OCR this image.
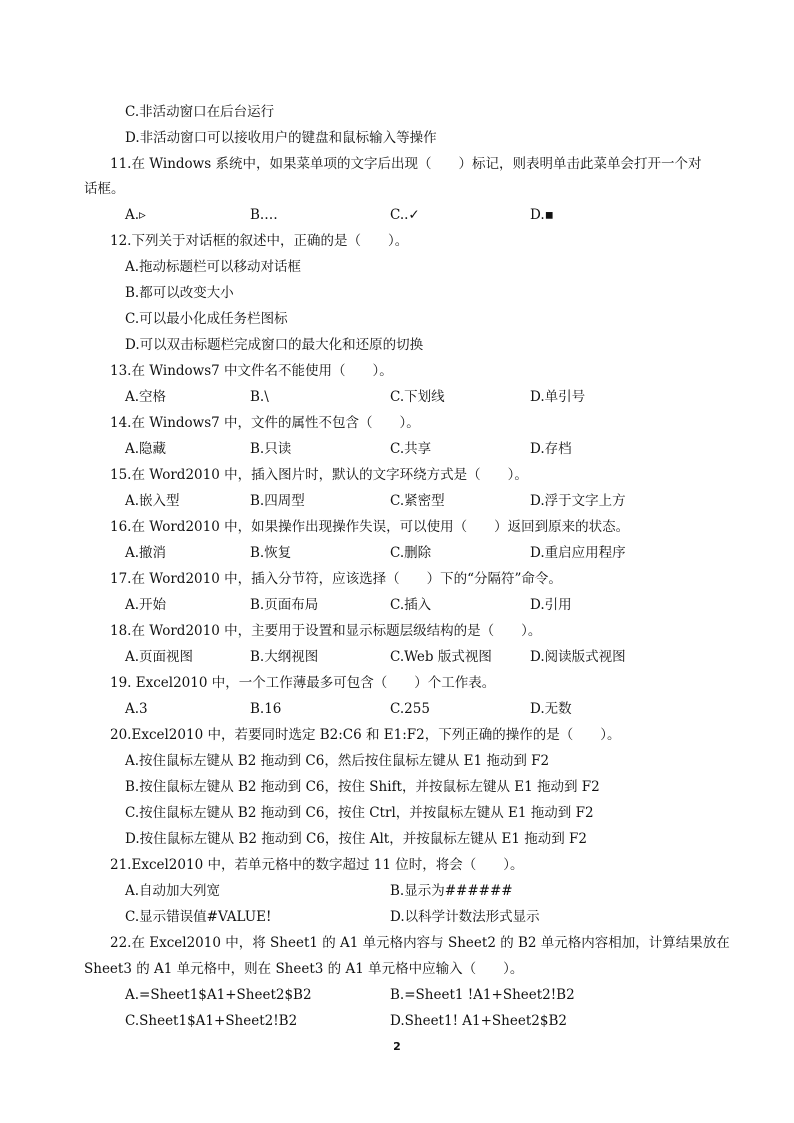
C.非活动窗口在后台运行
D.非活动窗口可以接收用户的键盘和鼠标输入等操作
11.在 Windows 系统中，如果菜单项的文字后出现（　　）标记，则表明单击此菜单会打开一个对
话框。
12.下列关于对话框的叙述中，正确的是（　　）。
A.拖动标题栏可以移动对话框
B.都可以改变大小
C.可以最小化成任务栏图标
D.可以双击标题栏完成窗口的最大化和还原的切换
13.在 Windows7 中文件名不能使用（　　）。
14.在 Windows7 中，文件的属性不包含（　　）。
15.在 Word2010 中，插入图片时，默认的文字环绕方式是（　　）。
16.在 Word2010 中，如果操作出现操作失误，可以使用（　　）返回到原来的状态。
17.在 Word2010 中，插入分节符，应该选择（　　）下的“分隔符”命令。
18.在 Word2010 中，主要用于设置和显示标题层级结构的是（　　）。
19. Excel2010 中，一个工作薄最多可包含（　　）个工作表。
20.Excel2010 中，若要同时选定 B2:C6 和 E1:F2，下列正确的操作的是（　　）。
A.按住鼠标左键从 B2 拖动到 C6，然后按住鼠标左键从 E1 拖动到 F2
B.按住鼠标左键从 B2 拖动到 C6，按住 Shift，并按鼠标左键从 E1 拖动到 F2
C.按住鼠标左键从 B2 拖动到 C6，按住 Ctrl，并按鼠标左键从 E1 拖动到 F2
D.按住鼠标左键从 B2 拖动到 C6，按住 Alt，并按鼠标左键从 E1 拖动到 F2
21.Excel2010 中，若单元格中的数字超过 11 位时，将会（　　）。
22.在 Excel2010 中，将 Sheet1 的 A1 单元格内容与 Sheet2 的 B2 单元格内容相加，计算结果放在
Sheet3 的 A1 单元格中，则在 Sheet3 的 A1 单元格中应输入（　　）。
A.▹	B.…	C..✓	D.▪
A.空格	B.\	C.下划线	D.单引号
A.隐藏	B.只读	C.共享	D.存档
A.嵌入型	B.四周型	C.紧密型	D.浮于文字上方
A.撤消	B.恢复	C.删除	D.重启应用程序
A.开始	B.页面布局	C.插入	D.引用
A.页面视图	B.大纲视图	C.Web 版式视图	D.阅读版式视图
A.3	B.16	C.255	D.无数
A.自动加大列宽	B.显示为######
C.显示错误值#VALUE!	D.以科学计数法形式显示
A.=Sheet1$A1+Sheet2$B2	B.=Sheet1 !A1+Sheet2!B2
C.Sheet1$A1+Sheet2!B2	D.Sheet1! A1+Sheet2$B2
2
